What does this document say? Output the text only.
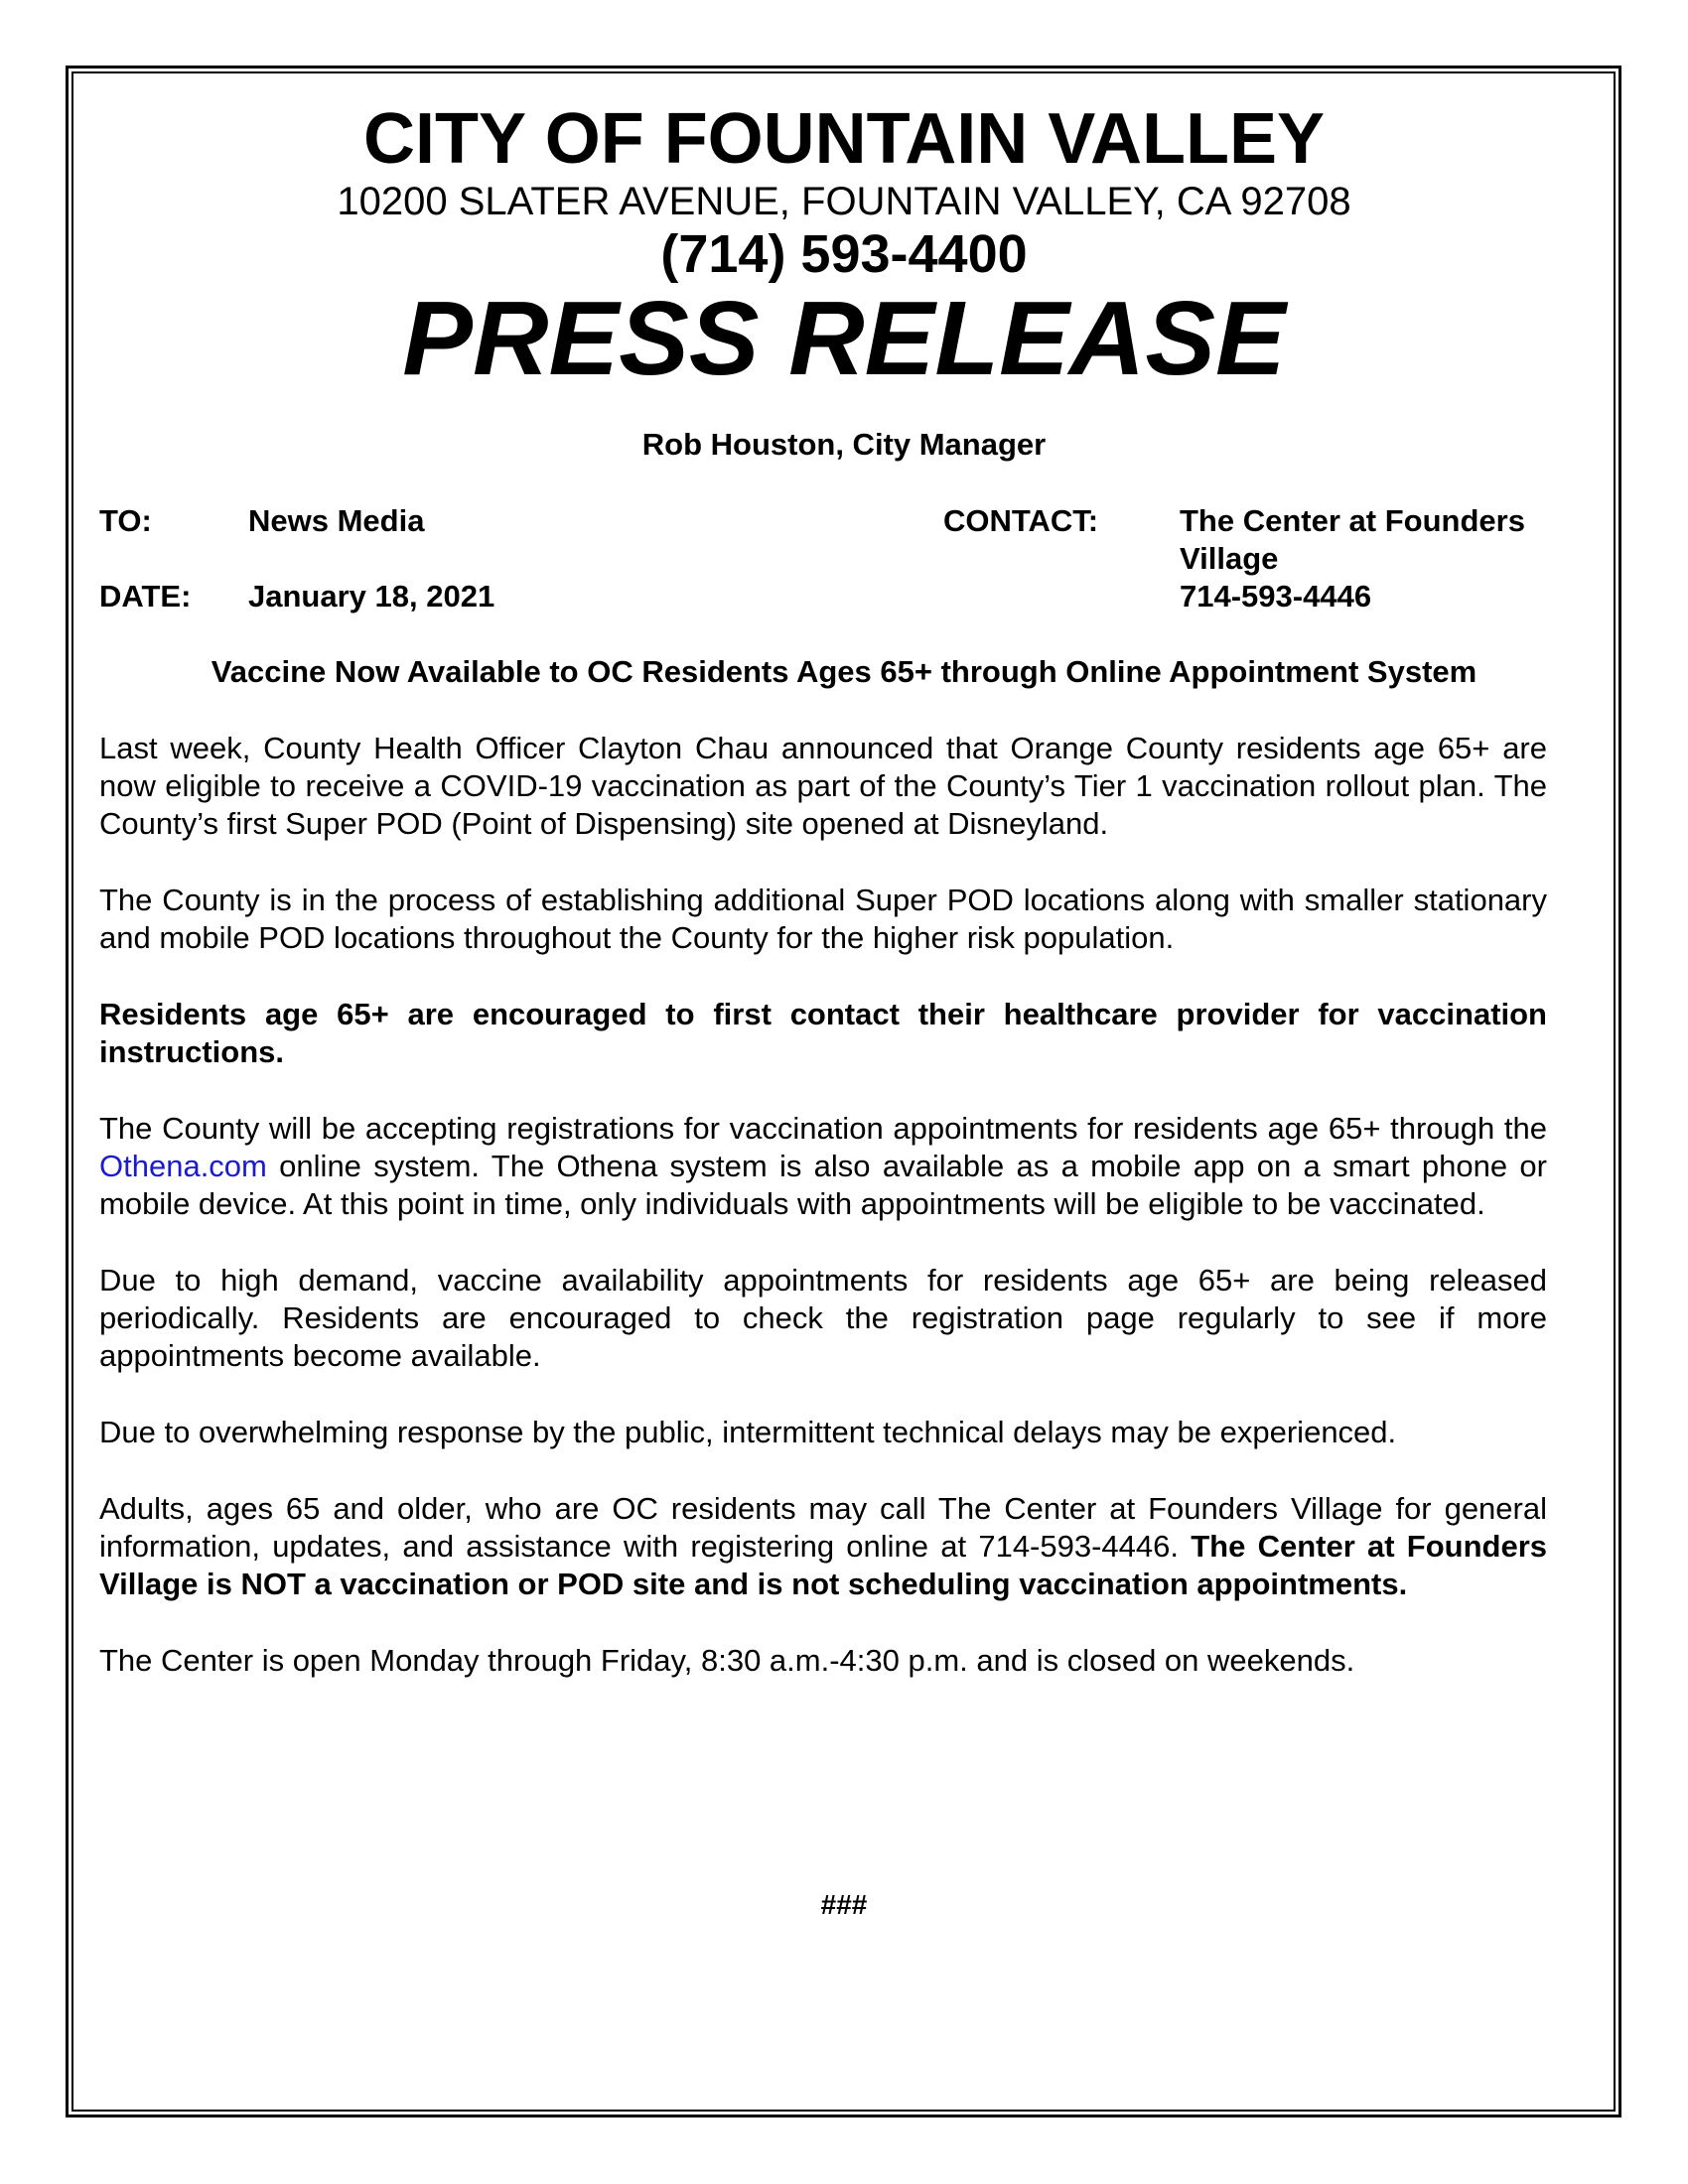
CITY OF FOUNTAIN VALLEY
10200 SLATER AVENUE, FOUNTAIN VALLEY, CA 92708
(714) 593-4400
PRESS RELEASE
Rob Houston, City Manager
TO:	News Media
DATE: January 18, 2021
CONTACT:	The Center at Founders
Village
714-593-4446
Vaccine Now Available to OC Residents Ages 65+ through Online Appointment System

Last week, County Health Officer Clayton Chau announced that Orange County residents age 65+ are now eligible to receive a COVID-19 vaccination as part of the County’s Tier 1 vaccination rollout plan. The County’s first Super POD (Point of Dispensing) site opened at Disneyland.

The County is in the process of establishing additional Super POD locations along with smaller stationary and mobile POD locations throughout the County for the higher risk population.

Residents age 65+ are encouraged to first contact their healthcare provider for vaccination instructions.

The County will be accepting registrations for vaccination appointments for residents age 65+ through the Othena.com online system. The Othena system is also available as a mobile app on a smart phone or mobile device. At this point in time, only individuals with appointments will be eligible to be vaccinated.

Due to high demand, vaccine availability appointments for residents age 65+ are being released periodically. Residents are encouraged to check the registration page regularly to see if more appointments become available.

Due to overwhelming response by the public, intermittent technical delays may be experienced.

Adults, ages 65 and older, who are OC residents may call The Center at Founders Village for general information, updates, and assistance with registering online at 714-593-4446. The Center at Founders Village is NOT a vaccination or POD site and is not scheduling vaccination appointments.

The Center is open Monday through Friday, 8:30 a.m.-4:30 p.m. and is closed on weekends.

###
